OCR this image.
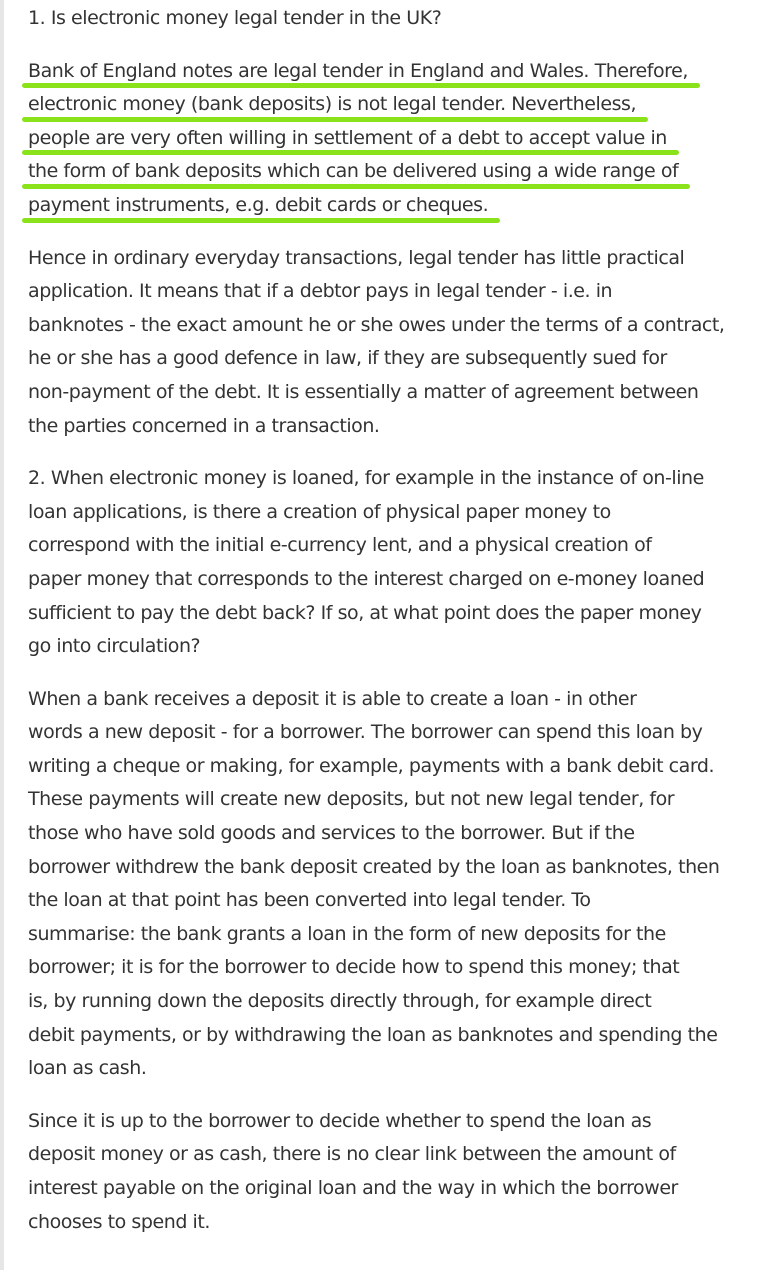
1. Is electronic money legal tender in the UK?

Bank of England notes are legal tender in England and Wales. Therefore,
electronic money (bank deposits) is not legal tender. Nevertheless,
people are very often willing in settlement of a debt to accept value in
the form of bank deposits which can be delivered using a wide range of
payment instruments, e.g. debit cards or cheques.

Hence in ordinary everyday transactions, legal tender has little practical
application. It means that if a debtor pays in legal tender - i.e. in
banknotes - the exact amount he or she owes under the terms of a contract,
he or she has a good defence in law, if they are subsequently sued for
non-payment of the debt. It is essentially a matter of agreement between
the parties concerned in a transaction.

2. When electronic money is loaned, for example in the instance of on-line
loan applications, is there a creation of physical paper money to
correspond with the initial e-currency lent, and a physical creation of
paper money that corresponds to the interest charged on e-money loaned
sufficient to pay the debt back? If so, at what point does the paper money
go into circulation?

When a bank receives a deposit it is able to create a loan - in other
words a new deposit - for a borrower. The borrower can spend this loan by
writing a cheque or making, for example, payments with a bank debit card.
These payments will create new deposits, but not new legal tender, for
those who have sold goods and services to the borrower. But if the
borrower withdrew the bank deposit created by the loan as banknotes, then
the loan at that point has been converted into legal tender. To
summarise: the bank grants a loan in the form of new deposits for the
borrower; it is for the borrower to decide how to spend this money; that
is, by running down the deposits directly through, for example direct
debit payments, or by withdrawing the loan as banknotes and spending the
loan as cash.

Since it is up to the borrower to decide whether to spend the loan as
deposit money or as cash, there is no clear link between the amount of
interest payable on the original loan and the way in which the borrower
chooses to spend it.
